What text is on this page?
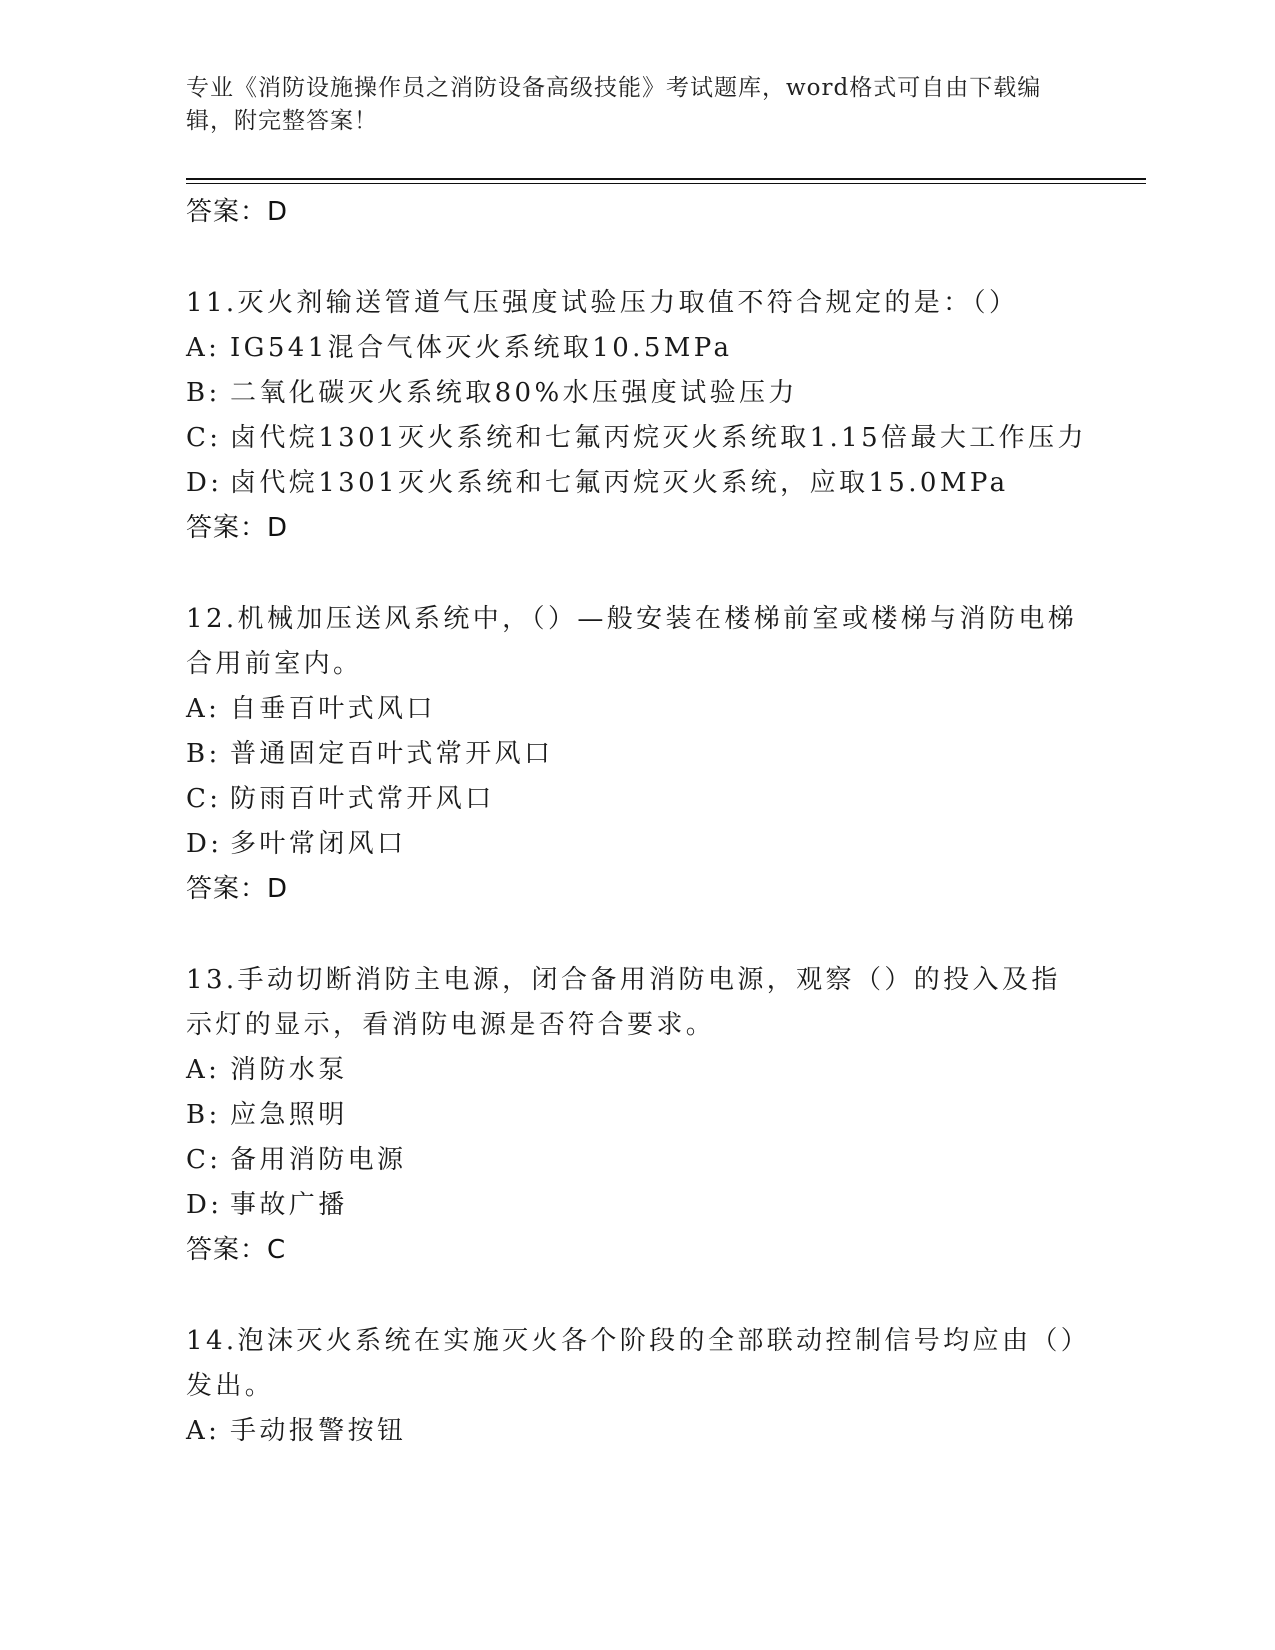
专业《消防设施操作员之消防设备高级技能》考试题库，word格式可自由下载编辑，附完整答案！
答案：D
11.灭火剂输送管道气压强度试验压力取值不符合规定的是：（）
A: IG541混合气体灭火系统取10.5MPa
B: 二氧化碳灭火系统取80%水压强度试验压力
C: 卤代烷1301灭火系统和七氟丙烷灭火系统取1.15倍最大工作压力
D: 卤代烷1301灭火系统和七氟丙烷灭火系统，应取15.0MPa
答案：D
12.机械加压送风系统中，（）—般安装在楼梯前室或楼梯与消防电梯合用前室内。
A: 自垂百叶式风口
B: 普通固定百叶式常开风口
C: 防雨百叶式常开风口
D: 多叶常闭风口
答案：D
13.手动切断消防主电源，闭合备用消防电源，观察（）的投入及指示灯的显示，看消防电源是否符合要求。
A: 消防水泵
B: 应急照明
C: 备用消防电源
D: 事故广播
答案：C
14.泡沫灭火系统在实施灭火各个阶段的全部联动控制信号均应由（）发出。
A: 手动报警按钮
